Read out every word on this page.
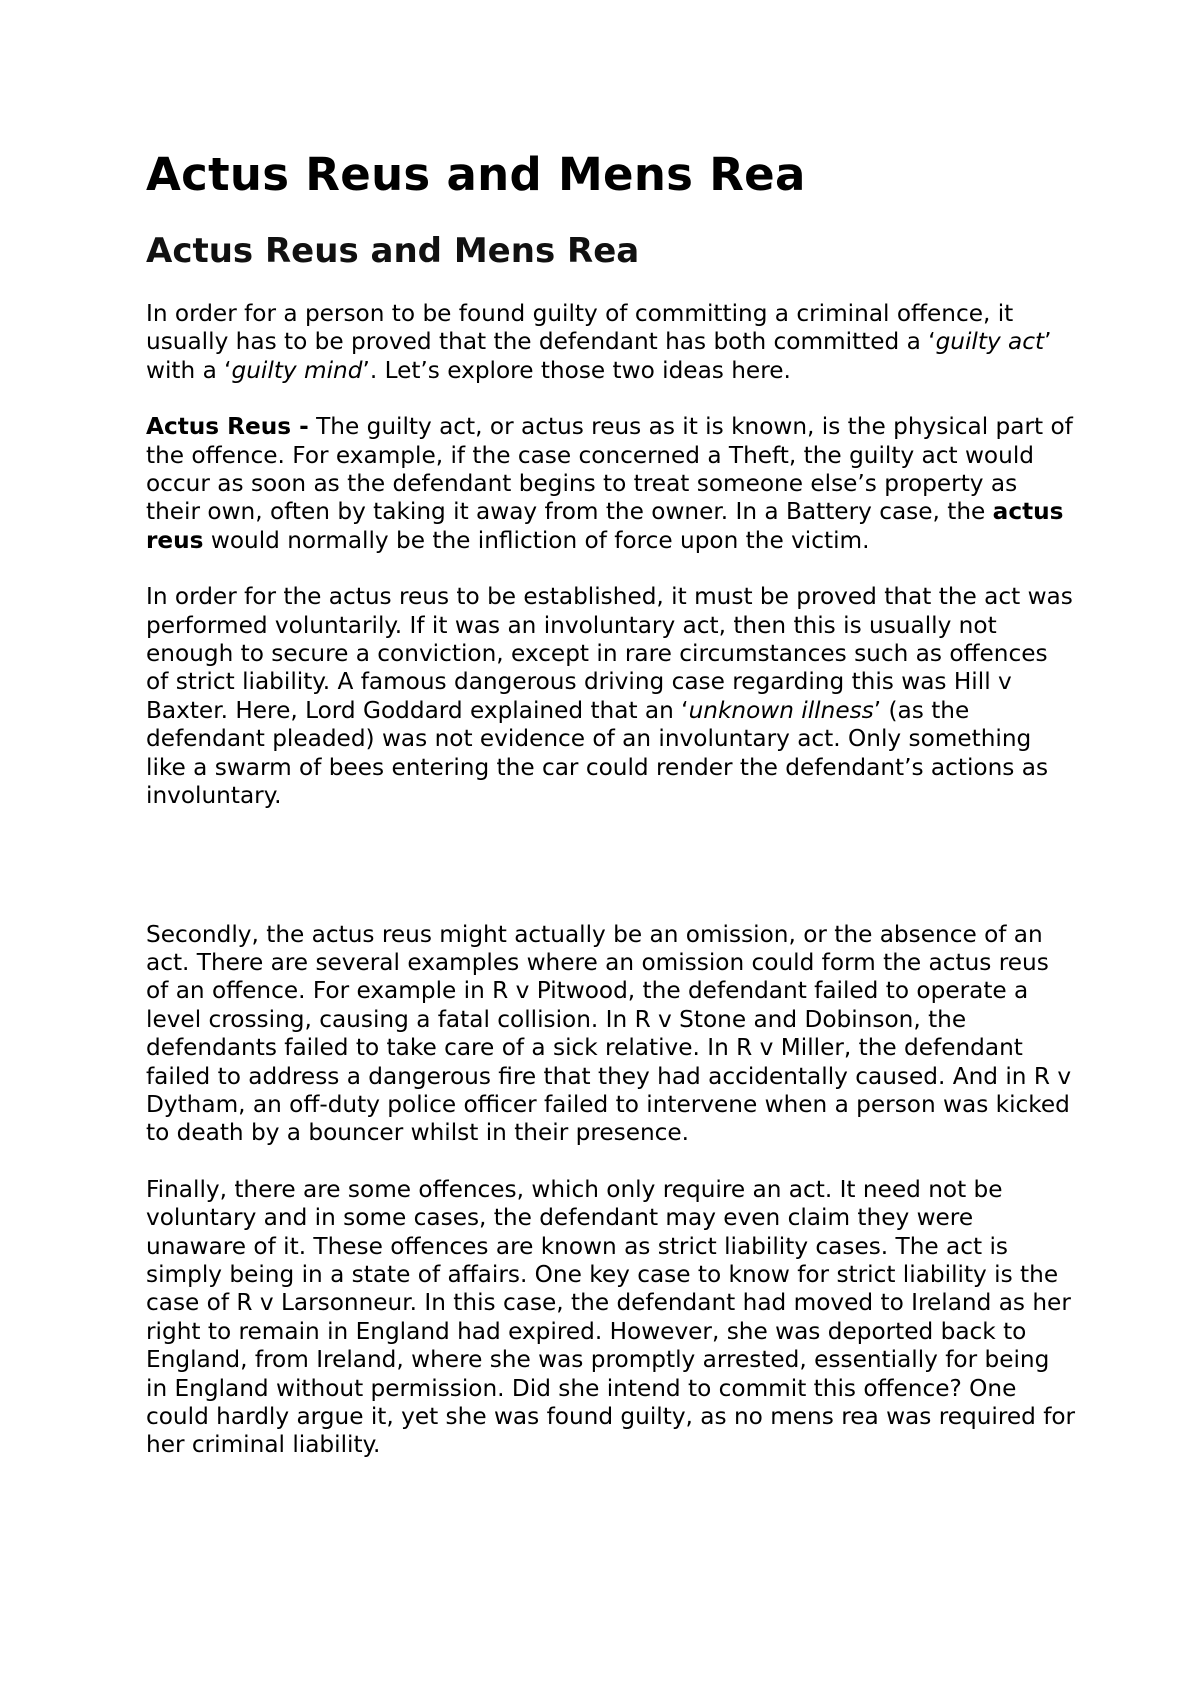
Actus Reus and Mens Rea
Actus Reus and Mens Rea

In order for a person to be found guilty of committing a criminal offence, it usually has to be proved that the defendant has both committed a ‘guilty act’ with a ‘guilty mind’. Let’s explore those two ideas here.

Actus Reus - The guilty act, or actus reus as it is known, is the physical part of the offence. For example, if the case concerned a Theft, the guilty act would occur as soon as the defendant begins to treat someone else’s property as their own, often by taking it away from the owner. In a Battery case, the actus reus would normally be the infliction of force upon the victim.

In order for the actus reus to be established, it must be proved that the act was performed voluntarily. If it was an involuntary act, then this is usually not enough to secure a conviction, except in rare circumstances such as offences of strict liability. A famous dangerous driving case regarding this was Hill v Baxter. Here, Lord Goddard explained that an ‘unknown illness’ (as the defendant pleaded) was not evidence of an involuntary act. Only something like a swarm of bees entering the car could render the defendant’s actions as involuntary.

Secondly, the actus reus might actually be an omission, or the absence of an act. There are several examples where an omission could form the actus reus of an offence. For example in R v Pitwood, the defendant failed to operate a level crossing, causing a fatal collision. In R v Stone and Dobinson, the defendants failed to take care of a sick relative. In R v Miller, the defendant failed to address a dangerous fire that they had accidentally caused. And in R v Dytham, an off-duty police officer failed to intervene when a person was kicked to death by a bouncer whilst in their presence.

Finally, there are some offences, which only require an act. It need not be voluntary and in some cases, the defendant may even claim they were unaware of it. These offences are known as strict liability cases. The act is simply being in a state of affairs. One key case to know for strict liability is the case of R v Larsonneur. In this case, the defendant had moved to Ireland as her right to remain in England had expired. However, she was deported back to England, from Ireland, where she was promptly arrested, essentially for being in England without permission. Did she intend to commit this offence? One could hardly argue it, yet she was found guilty, as no mens rea was required for her criminal liability.
